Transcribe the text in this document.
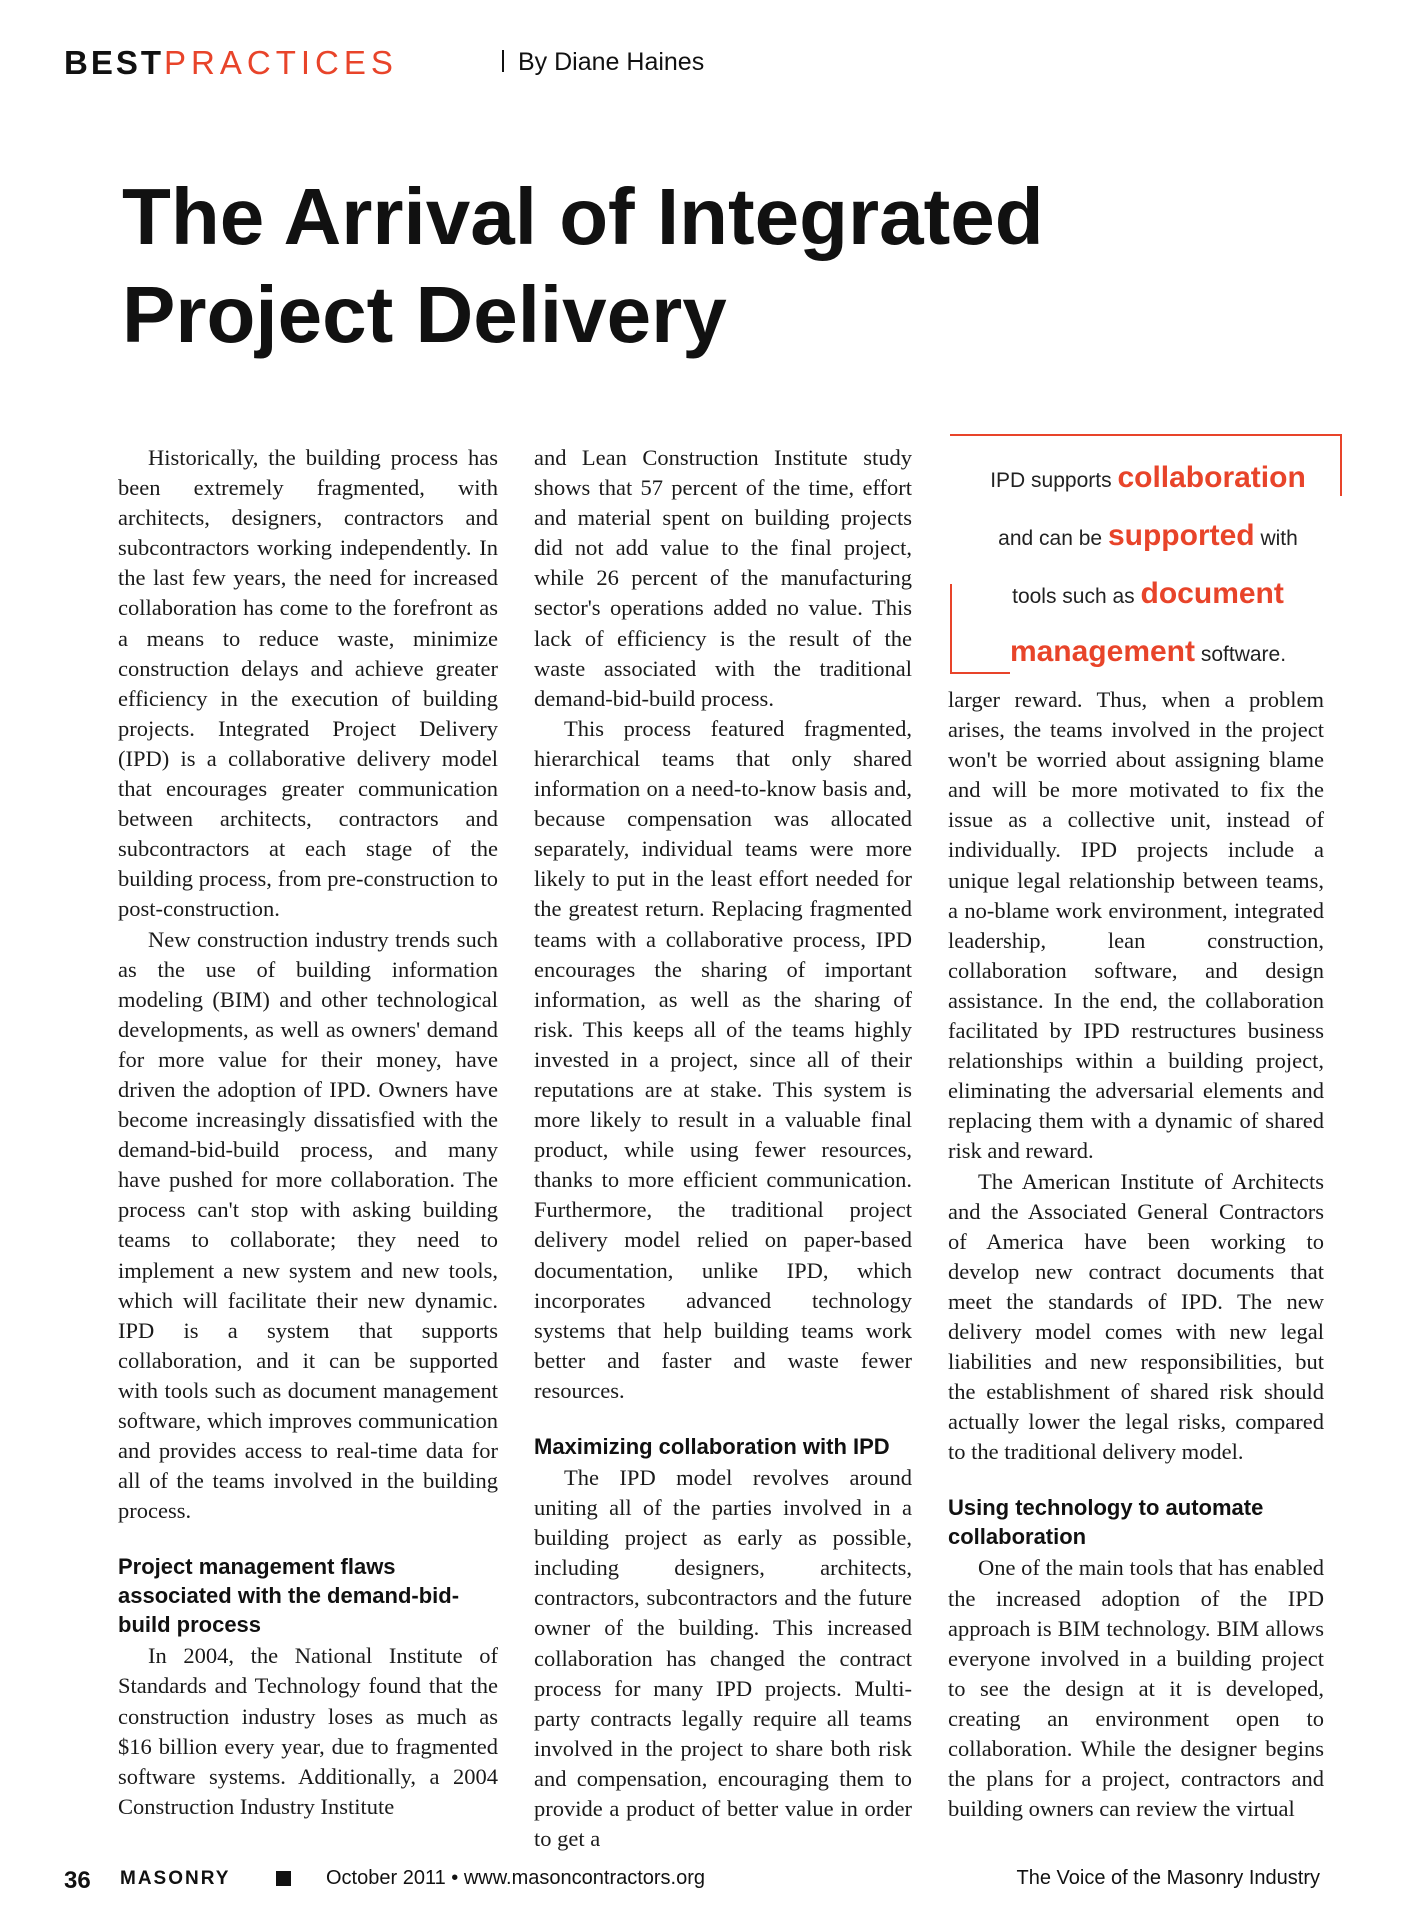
BESTPRACTICES	By Diane Haines
The Arrival of Integrated Project Delivery

Historically, the building process has been extremely fragmented, with architects, designers, contractors and subcontractors working independently. In the last few years, the need for increased collaboration has come to the forefront as a means to reduce waste, minimize construction delays and achieve greater efficiency in the execution of building projects. Integrated Project Delivery (IPD) is a collaborative delivery model that encourages greater communication between architects, contractors and subcontractors at each stage of the building process, from pre-construction to post-construction.

New construction industry trends such as the use of building information modeling (BIM) and other technological developments, as well as owners' demand for more value for their money, have driven the adoption of IPD. Owners have become increasingly dissatisfied with the demand-bid-build process, and many have pushed for more collaboration. The process can't stop with asking building teams to collaborate; they need to implement a new system and new tools, which will facilitate their new dynamic. IPD is a system that supports collaboration, and it can be supported with tools such as document management software, which improves communication and provides access to real-time data for all of the teams involved in the building process.

Project management flaws associated with the demand-bid-build process

In 2004, the National Institute of Standards and Technology found that the construction industry loses as much as $16 billion every year, due to fragmented software systems. Additionally, a 2004 Construction Industry Institute

and Lean Construction Institute study shows that 57 percent of the time, effort and material spent on building projects did not add value to the final project, while 26 percent of the manufacturing sector's operations added no value. This lack of efficiency is the result of the waste associated with the traditional demand-bid-build process.

This process featured fragmented, hierarchical teams that only shared information on a need-to-know basis and, because compensation was allocated separately, individual teams were more likely to put in the least effort needed for the greatest return. Replacing fragmented teams with a collaborative process, IPD encourages the sharing of important information, as well as the sharing of risk. This keeps all of the teams highly invested in a project, since all of their reputations are at stake. This system is more likely to result in a valuable final product, while using fewer resources, thanks to more efficient communication. Furthermore, the traditional project delivery model relied on paper-based documentation, unlike IPD, which incorporates advanced technology systems that help building teams work better and faster and waste fewer resources.

Maximizing collaboration with IPD

The IPD model revolves around uniting all of the parties involved in a building project as early as possible, including designers, architects, contractors, subcontractors and the future owner of the building. This increased collaboration has changed the contract process for many IPD projects. Multi-party contracts legally require all teams involved in the project to share both risk and compensation, encouraging them to provide a product of better value in order to get a

IPD supports collaboration
and can be supported with
tools such as document
management software.

larger reward. Thus, when a problem arises, the teams involved in the project won't be worried about assigning blame and will be more motivated to fix the issue as a collective unit, instead of individually. IPD projects include a unique legal relationship between teams, a no-blame work environment, integrated leadership, lean construction, collaboration software, and design assistance. In the end, the collaboration facilitated by IPD restructures business relationships within a building project, eliminating the adversarial elements and replacing them with a dynamic of shared risk and reward.

The American Institute of Architects and the Associated General Contractors of America have been working to develop new contract documents that meet the standards of IPD. The new delivery model comes with new legal liabilities and new responsibilities, but the establishment of shared risk should actually lower the legal risks, compared to the traditional delivery model.

Using technology to automate collaboration

One of the main tools that has enabled the increased adoption of the IPD approach is BIM technology. BIM allows everyone involved in a building project to see the design at it is developed, creating an environment open to collaboration. While the designer begins the plans for a project, contractors and building owners can review the virtual

36 MASONRY	October 2011 • www.masoncontractors.org	The Voice of the Masonry Industry
